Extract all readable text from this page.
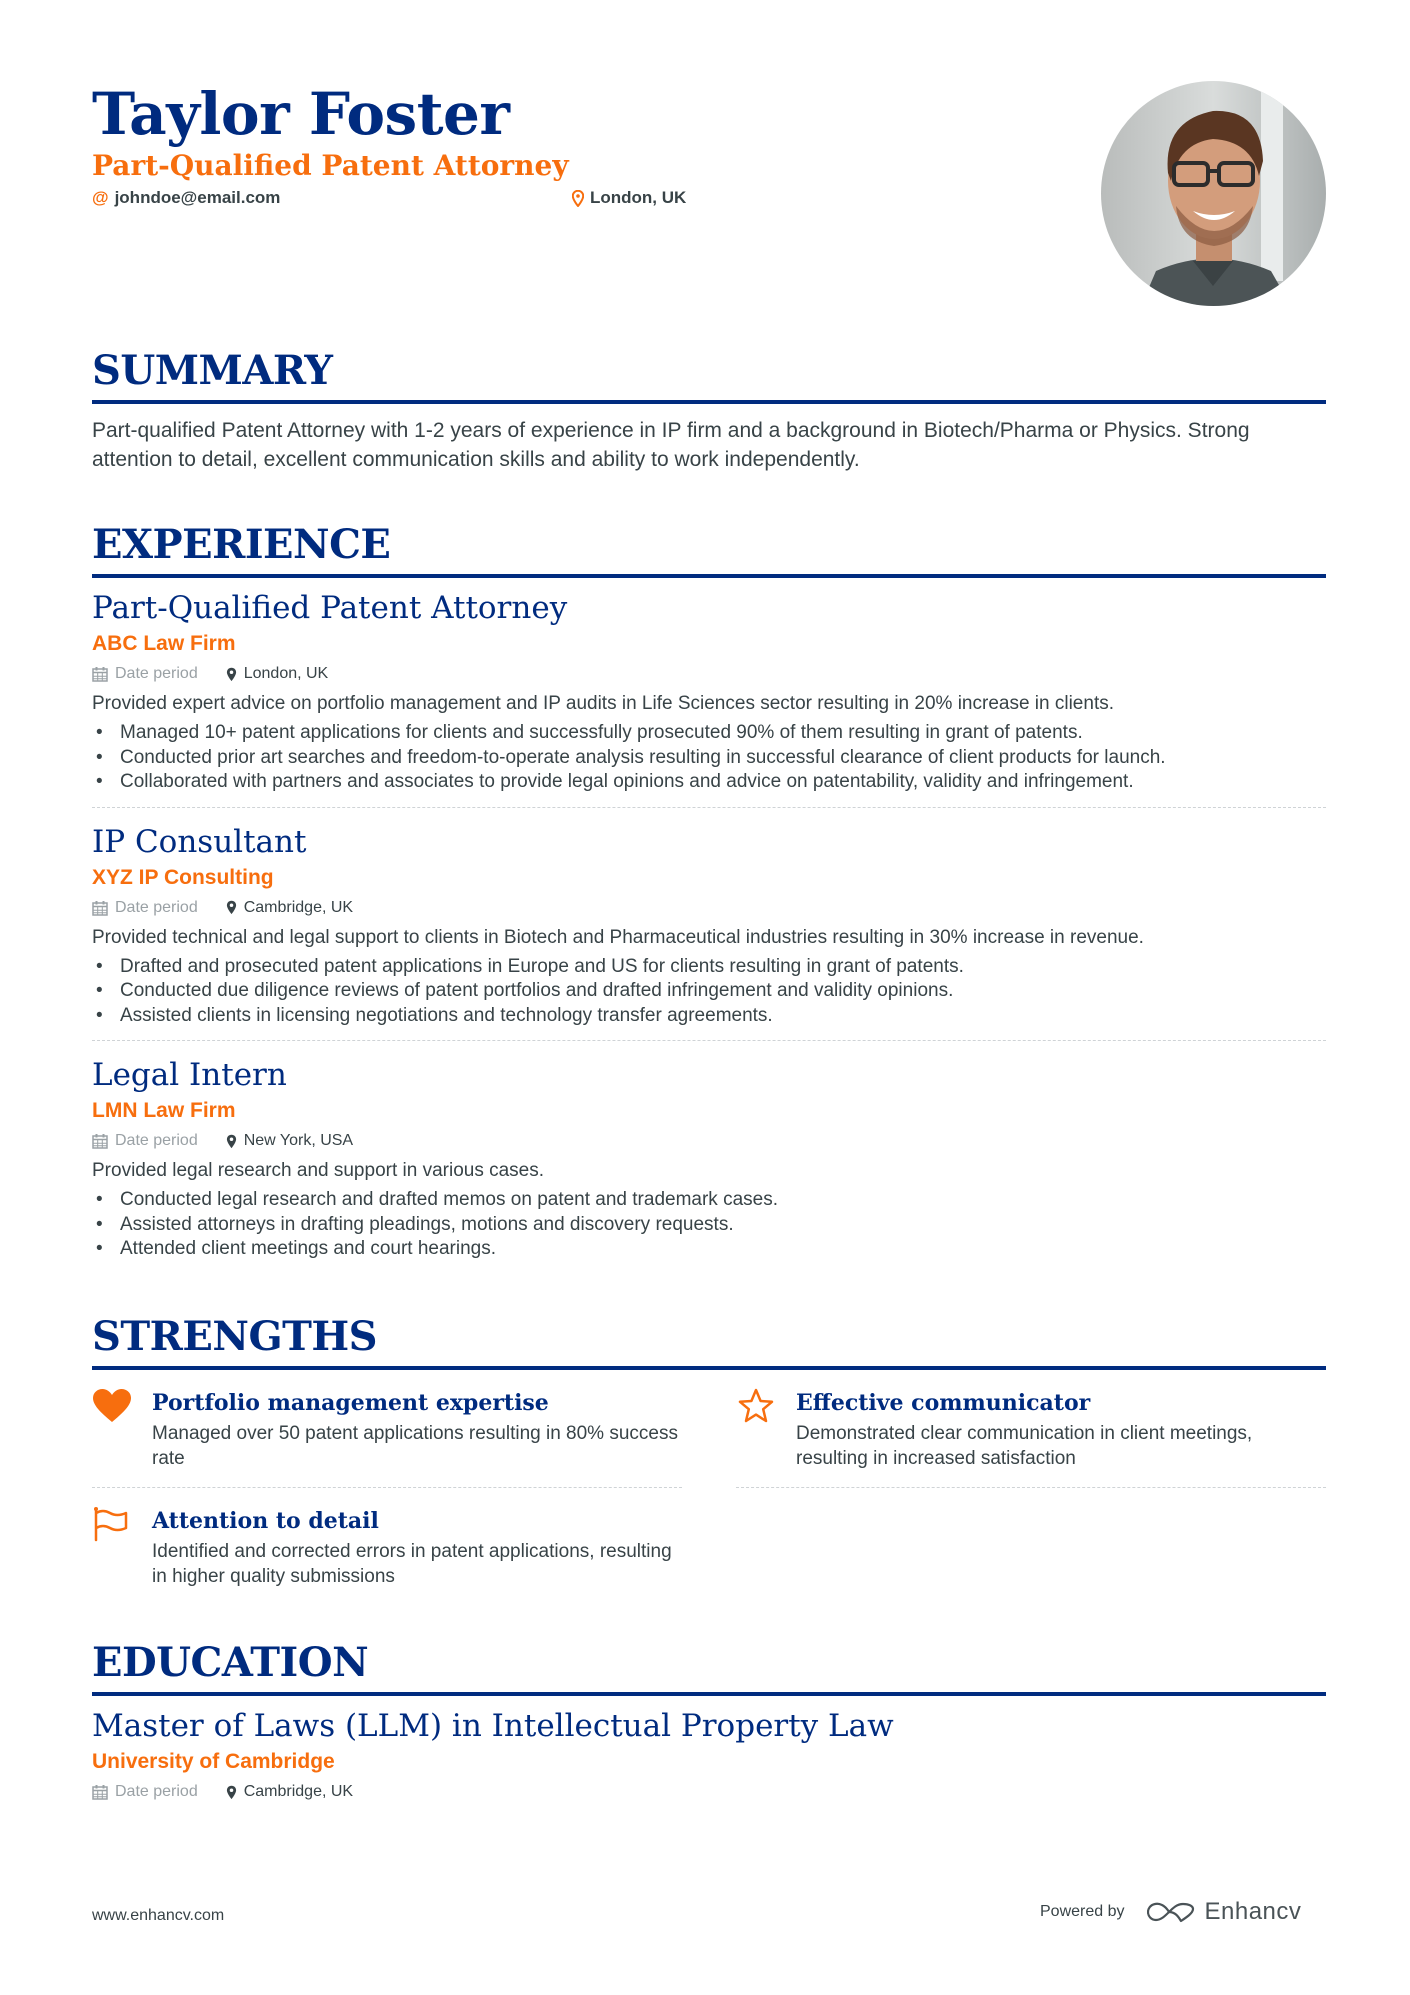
Taylor Foster
Part-Qualified Patent Attorney
@ johndoe@email.com	London, UK
SUMMARY
Part-qualified Patent Attorney with 1-2 years of experience in IP firm and a background in Biotech/Pharma or Physics. Strong attention to detail, excellent communication skills and ability to work independently.
EXPERIENCE
Part-Qualified Patent Attorney
ABC Law Firm
Date period	London, UK
Provided expert advice on portfolio management and IP audits in Life Sciences sector resulting in 20% increase in clients.
• Managed 10+ patent applications for clients and successfully prosecuted 90% of them resulting in grant of patents.
• Conducted prior art searches and freedom-to-operate analysis resulting in successful clearance of client products for launch.
• Collaborated with partners and associates to provide legal opinions and advice on patentability, validity and infringement.
IP Consultant
XYZ IP Consulting
Date period	Cambridge, UK
Provided technical and legal support to clients in Biotech and Pharmaceutical industries resulting in 30% increase in revenue.
• Drafted and prosecuted patent applications in Europe and US for clients resulting in grant of patents.
• Conducted due diligence reviews of patent portfolios and drafted infringement and validity opinions.
• Assisted clients in licensing negotiations and technology transfer agreements.
Legal Intern
LMN Law Firm
Date period	New York, USA
Provided legal research and support in various cases.
• Conducted legal research and drafted memos on patent and trademark cases.
• Assisted attorneys in drafting pleadings, motions and discovery requests.
• Attended client meetings and court hearings.
STRENGTHS
Portfolio management expertise
Managed over 50 patent applications resulting in 80% success rate
Effective communicator
Demonstrated clear communication in client meetings, resulting in increased satisfaction
Attention to detail
Identified and corrected errors in patent applications, resulting in higher quality submissions
EDUCATION
Master of Laws (LLM) in Intellectual Property Law
University of Cambridge
Date period	Cambridge, UK
www.enhancv.com	Powered by	Enhancv
